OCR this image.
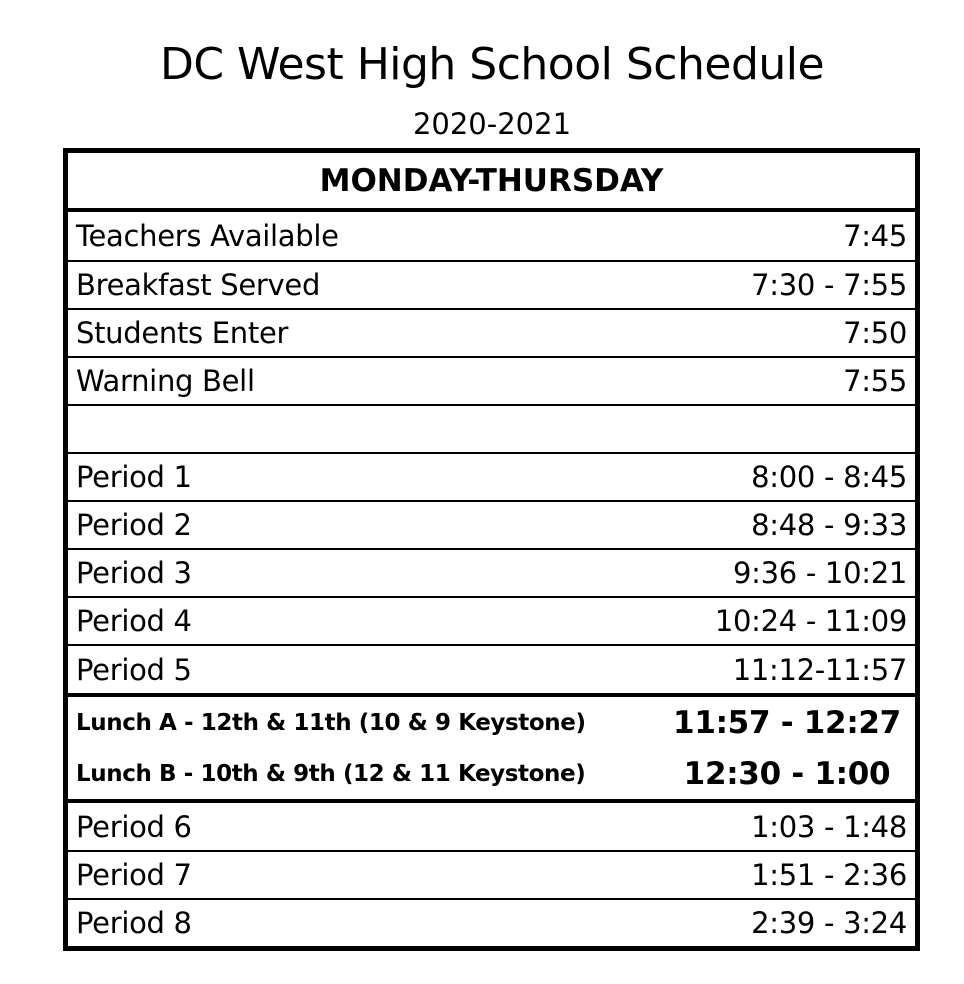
DC West High School Schedule
2020-2021
MONDAY-THURSDAY
Teachers Available	7:45
Breakfast Served	7:30 - 7:55
Students Enter	7:50
Warning Bell	7:55
Period 1	8:00 - 8:45
Period 2	8:48 - 9:33
Period 3	9:36 - 10:21
Period 4	10:24 - 11:09
Period 5	11:12-11:57
Lunch A - 12th & 11th (10 & 9 Keystone)	11:57 - 12:27
Lunch B - 10th & 9th (12 & 11 Keystone)	12:30 - 1:00
Period 6	1:03 - 1:48
Period 7	1:51 - 2:36
Period 8	2:39 - 3:24
